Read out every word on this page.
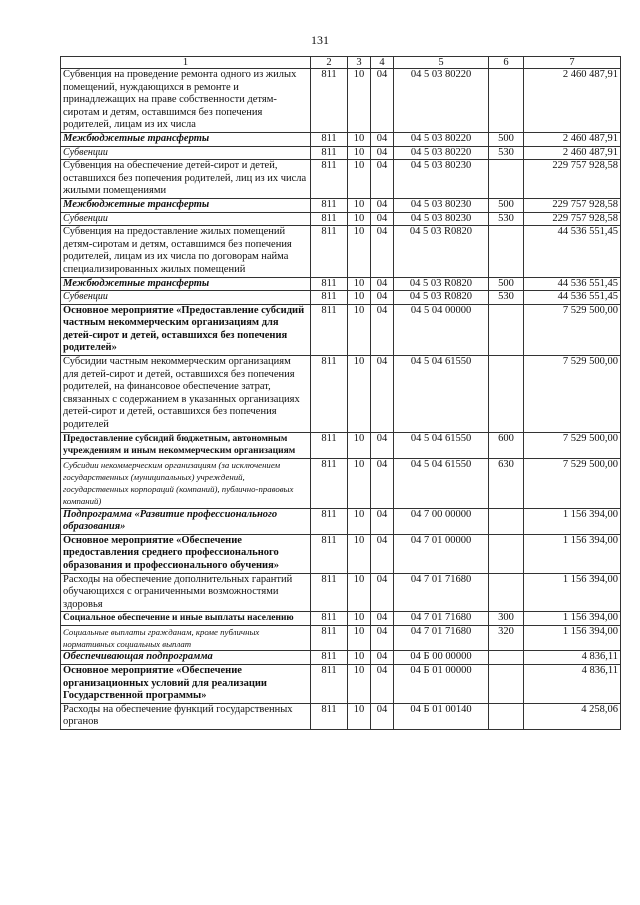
131
1	2	3	4	5	6	7
Субвенция на проведение ремонта одного из жилых помещений, нуждающихся в ремонте и принадлежащих на праве собственности детям-сиротам и детям, оставшимся без попечения родителей, лицам из их числа	811	10	04	04 5 03 80220		2 460 487,91
Межбюджетные трансферты	811	10	04	04 5 03 80220	500	2 460 487,91
Субвенции	811	10	04	04 5 03 80220	530	2 460 487,91
Субвенция на обеспечение детей-сирот и детей, оставшихся без попечения родителей, лиц из их числа жилыми помещениями	811	10	04	04 5 03 80230		229 757 928,58
Межбюджетные трансферты	811	10	04	04 5 03 80230	500	229 757 928,58
Субвенции	811	10	04	04 5 03 80230	530	229 757 928,58
Субвенция на предоставление жилых помещений детям-сиротам и детям, оставшимся без попечения родителей, лицам из их числа по договорам найма специализированных жилых помещений	811	10	04	04 5 03 R0820		44 536 551,45
Межбюджетные трансферты	811	10	04	04 5 03 R0820	500	44 536 551,45
Субвенции	811	10	04	04 5 03 R0820	530	44 536 551,45
Основное мероприятие «Предоставление субсидий частным некоммерческим организациям для детей-сирот и детей, оставшихся без попечения родителей»	811	10	04	04 5 04 00000		7 529 500,00
Субсидии частным некоммерческим организациям для детей-сирот и детей, оставшихся без попечения родителей, на финансовое обеспечение затрат, связанных с содержанием в указанных организациях детей-сирот и детей, оставшихся без попечения родителей	811	10	04	04 5 04 61550		7 529 500,00
Предоставление субсидий бюджетным, автономным учреждениям и иным некоммерческим организациям	811	10	04	04 5 04 61550	600	7 529 500,00
Субсидии некоммерческим организациям (за исключением государственных (муниципальных) учреждений, государственных корпораций (компаний), публично-правовых компаний)	811	10	04	04 5 04 61550	630	7 529 500,00
Подпрограмма «Развитие профессионального образования»	811	10	04	04 7 00 00000		1 156 394,00
Основное мероприятие «Обеспечение предоставления среднего профессионального образования и профессионального обучения»	811	10	04	04 7 01 00000		1 156 394,00
Расходы на обеспечение дополнительных гарантий обучающихся с ограниченными возможностями здоровья	811	10	04	04 7 01 71680		1 156 394,00
Социальное обеспечение и иные выплаты населению	811	10	04	04 7 01 71680	300	1 156 394,00
Социальные выплаты гражданам, кроме публичных нормативных социальных выплат	811	10	04	04 7 01 71680	320	1 156 394,00
Обеспечивающая подпрограмма	811	10	04	04 Б 00 00000		4 836,11
Основное мероприятие «Обеспечение организационных условий для реализации Государственной программы»	811	10	04	04 Б 01 00000		4 836,11
Расходы на обеспечение функций государственных органов	811	10	04	04 Б 01 00140		4 258,06
